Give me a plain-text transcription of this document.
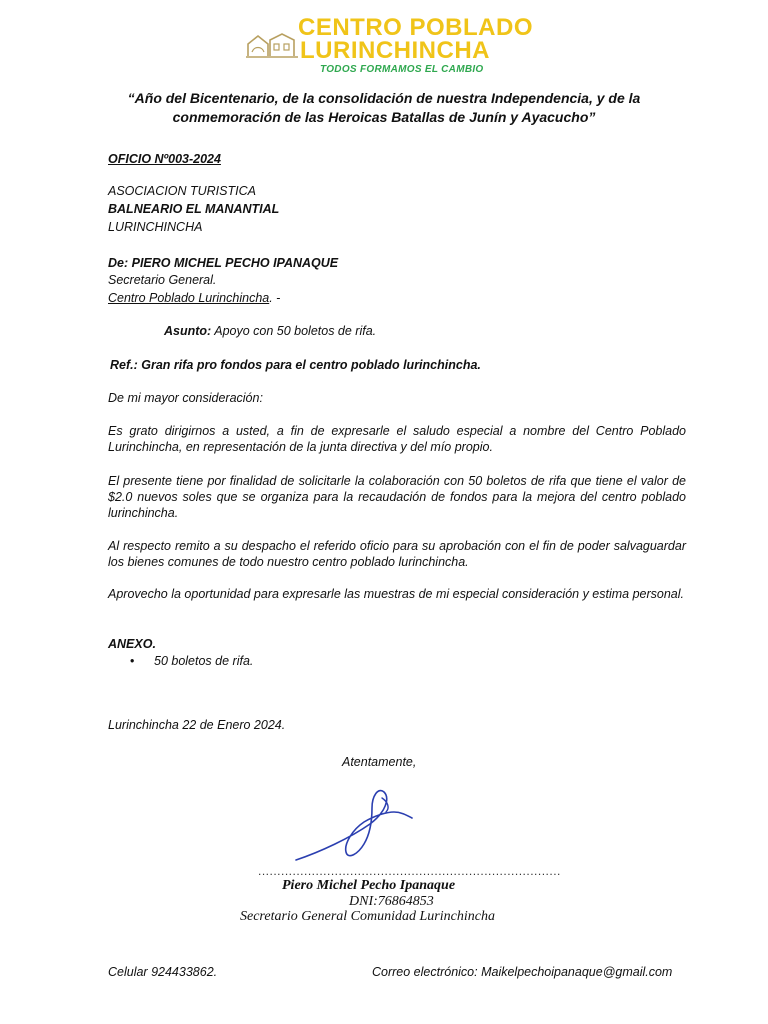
CENTRO POBLADO
LURINCHINCHA
TODOS FORMAMOS EL CAMBIO
“Año del Bicentenario, de la consolidación de nuestra Independencia, y de la conmemoración de las Heroicas Batallas de Junín y Ayacucho”
OFICIO Nº003-2024
ASOCIACION TURISTICA
BALNEARIO EL MANANTIAL
LURINCHINCHA
De: PIERO MICHEL PECHO IPANAQUE
Secretario General.
Centro Poblado Lurinchincha. -
Asunto: Apoyo con 50 boletos de rifa.
Ref.: Gran rifa pro fondos para el centro poblado lurinchincha.
De mi mayor consideración:
Es grato dirigirnos a usted, a fin de expresarle el saludo especial a nombre del Centro Poblado Lurinchincha, en representación de la junta directiva y del mío propio.
El presente tiene por finalidad de solicitarle la colaboración con 50 boletos de rifa que tiene el valor de $2.0 nuevos soles que se organiza para la recaudación de fondos para la mejora del centro poblado lurinchincha.
Al respecto remito a su despacho el referido oficio para su aprobación con el fin de poder salvaguardar los bienes comunes de todo nuestro centro poblado lurinchincha.
Aprovecho la oportunidad para expresarle las muestras de mi especial consideración y estima personal.
ANEXO.
• 50 boletos de rifa.
Lurinchincha 22 de Enero 2024.
Atentamente,
...............................................................................
Piero Michel Pecho Ipanaque
DNI:76864853
Secretario General Comunidad Lurinchincha
Celular 924433862.	Correo electrónico: Maikelpechoipanaque@gmail.com
